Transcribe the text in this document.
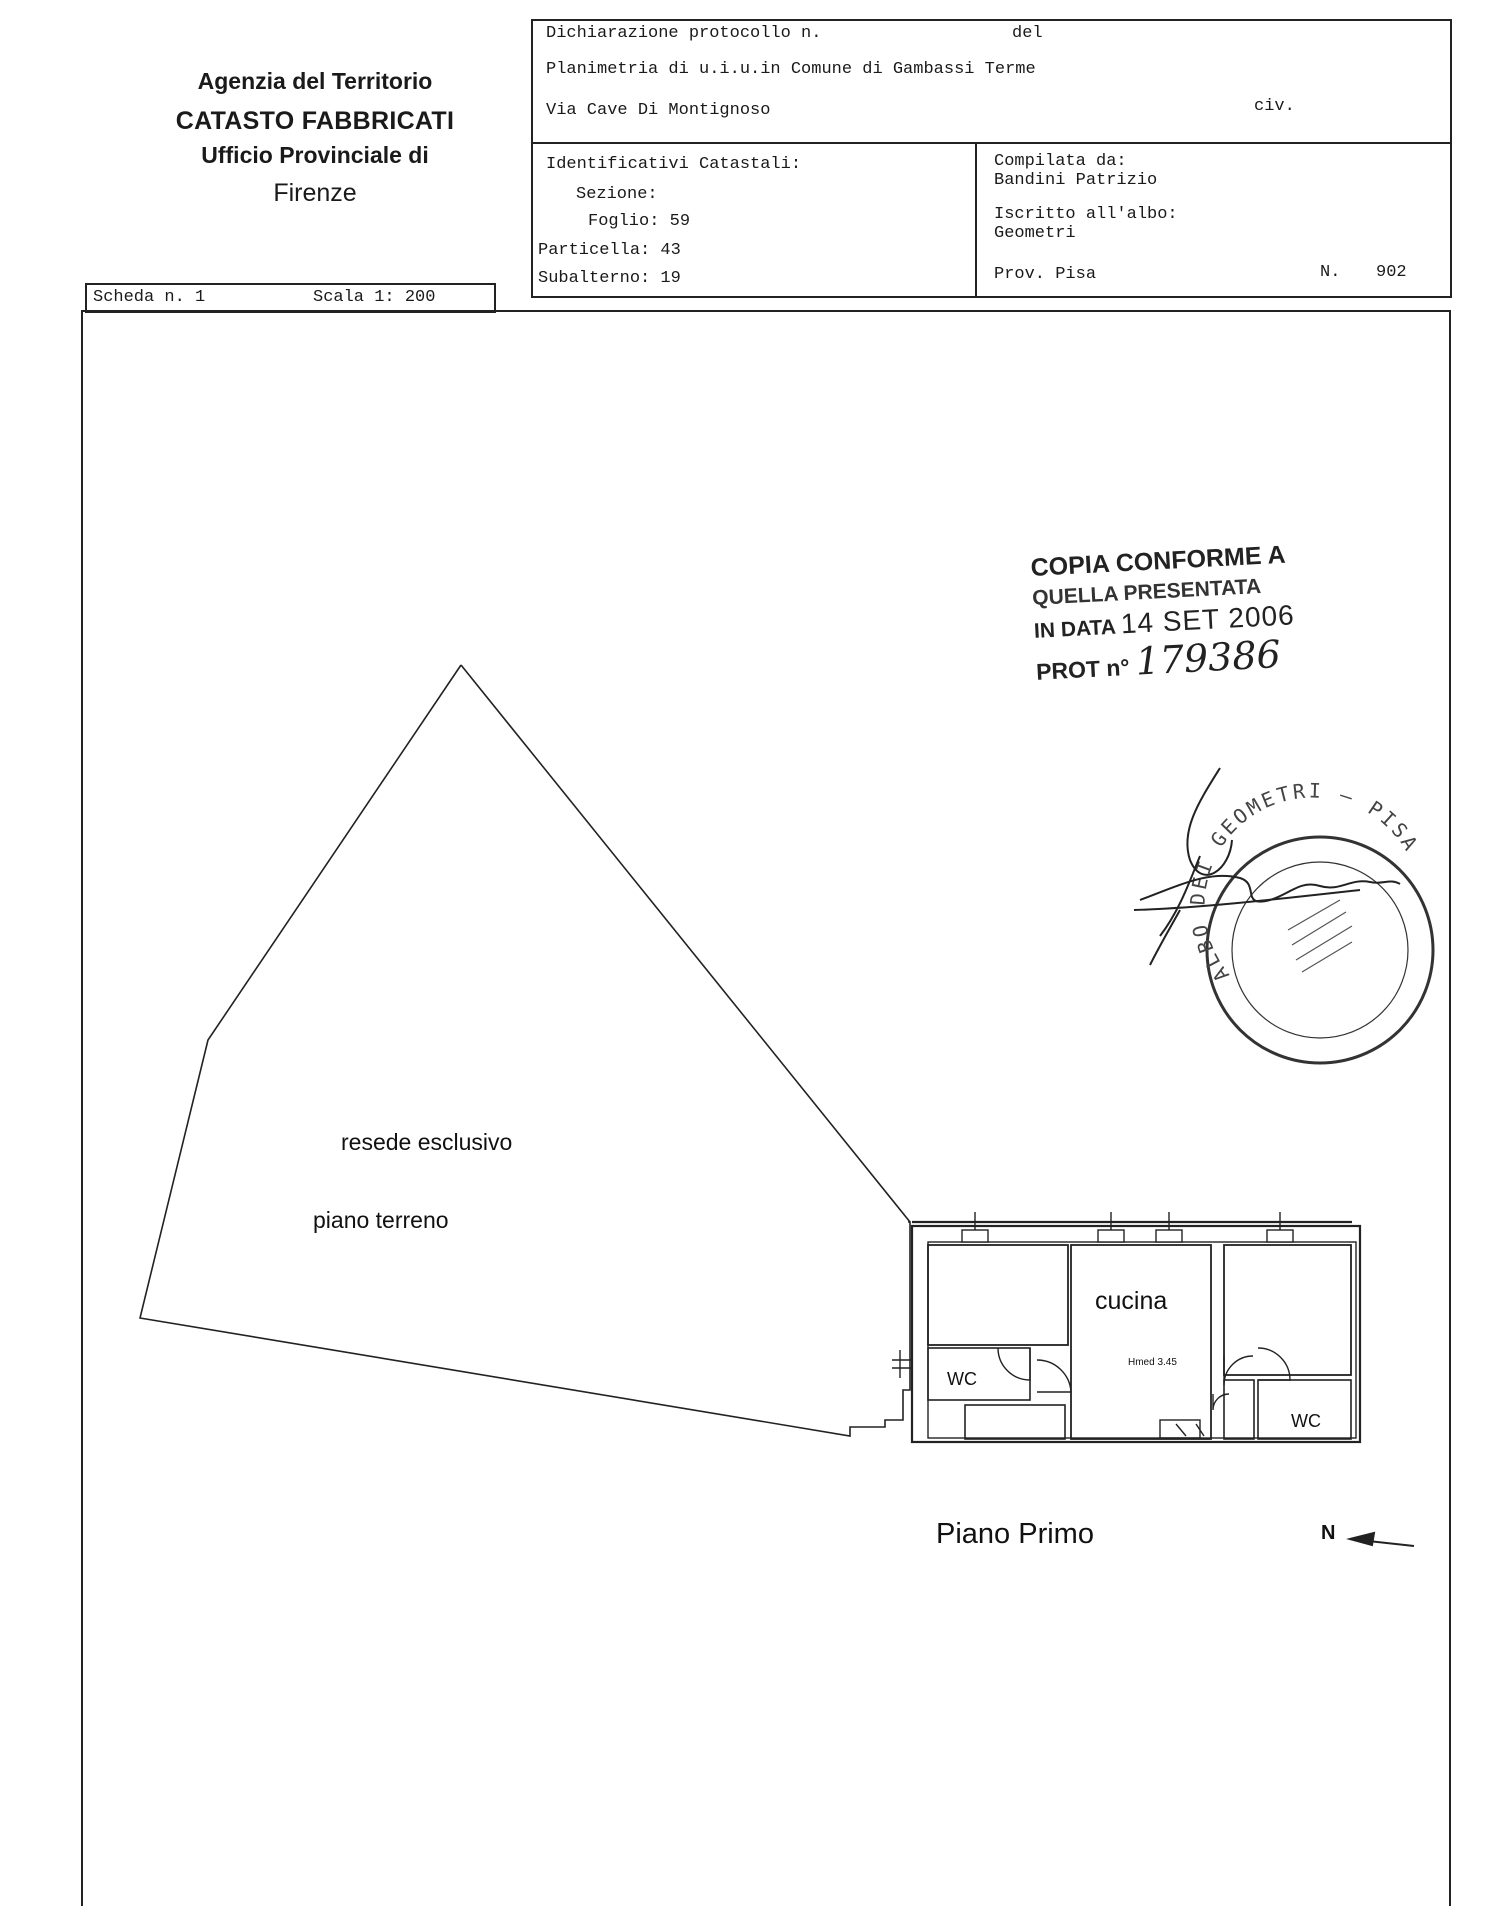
Agenzia del Territorio
CATASTO FABBRICATI
Ufficio Provinciale di
Firenze
Dichiarazione protocollo n.	del
Planimetria di u.i.u.in Comune di Gambassi Terme
Via Cave Di Montignoso	civ.
Identificativi Catastali:
Sezione:
Foglio: 59
Particella: 43
Subalterno: 19
Compilata da:
Bandini Patrizio
Iscritto all'albo:
Geometri
Prov. Pisa	N. 902
Scheda n. 1	Scala 1: 200
resede esclusivo
piano terreno
cucina
Hmed 3.45
WC
WC
Piano Primo	N
COPIA CONFORME A
QUELLA PRESENTATA
IN DATA 14 SET 2006
PROT n° 179386
ALBO DEI GEOMETRI — PISA
